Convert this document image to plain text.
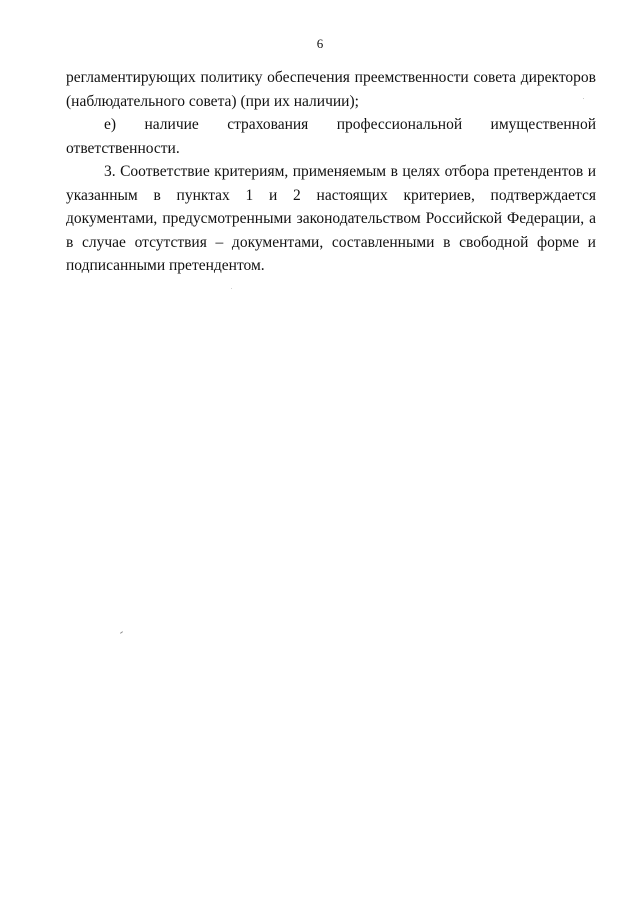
6

регламентирующих политику обеспечения преемственности совета директоров (наблюдательного совета) (при их наличии);

е) наличие страхования профессиональной имущественной ответственности.

3. Соответствие критериям, применяемым в целях отбора претендентов и указанным в пунктах 1 и 2 настоящих критериев, подтверждается документами, предусмотренными законодательством Российской Федерации, а в случае отсутствия – документами, составленными в свободной форме и подписанными претендентом.
